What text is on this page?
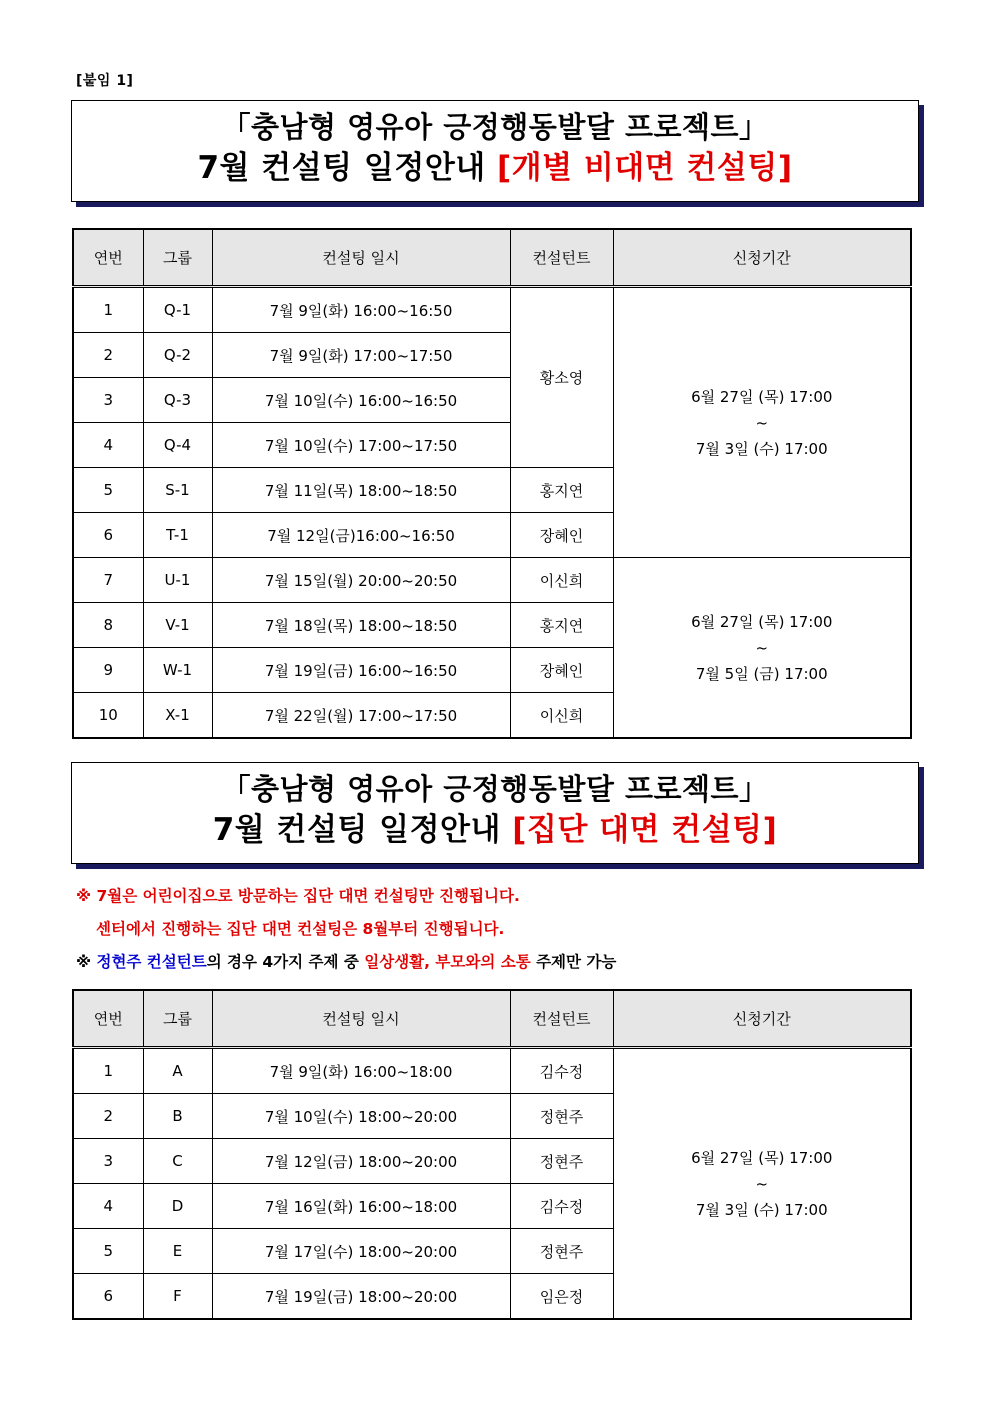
[붙임 1]
「충남형 영유아 긍정행동발달 프로젝트」
7월 컨설팅 일정안내 [개별 비대면 컨설팅]
연번	그룹	컨설팅 일시	컨설턴트	신청기간
1	Q-1	7월 9일(화) 16:00~16:50	황소영	6월 27일 (목) 17:00
~
7월 3일 (수) 17:00

2	Q-2	7월 9일(화) 17:00~17:50		
3	Q-3	7월 10일(수) 16:00~16:50		
4	Q-4	7월 10일(수) 17:00~17:50		
5	S-1	7월 11일(목) 18:00~18:50	홍지연	
6	T-1	7월 12일(금)16:00~16:50	장혜인	
7	U-1	7월 15일(월) 20:00~20:50	이신희	6월 27일 (목) 17:00
~
7월 5일 (금) 17:00

8	V-1	7월 18일(목) 18:00~18:50	홍지연	
9	W-1	7월 19일(금) 16:00~16:50	장혜인	
10	X-1	7월 22일(월) 17:00~17:50	이신희	
「충남형 영유아 긍정행동발달 프로젝트」
7월 컨설팅 일정안내 [집단 대면 컨설팅]
※ 7월은 어린이집으로 방문하는 집단 대면 컨설팅만 진행됩니다.
센터에서 진행하는 집단 대면 컨설팅은 8월부터 진행됩니다.
※ 정현주 컨설턴트의 경우 4가지 주제 중 일상생활, 부모와의 소통 주제만 가능
연번	그룹	컨설팅 일시	컨설턴트	신청기간
1	A	7월 9일(화) 16:00~18:00	김수정	6월 27일 (목) 17:00
~
7월 3일 (수) 17:00

2	B	7월 10일(수) 18:00~20:00	정현주	
3	C	7월 12일(금) 18:00~20:00	정현주	
4	D	7월 16일(화) 16:00~18:00	김수정	
5	E	7월 17일(수) 18:00~20:00	정현주	
6	F	7월 19일(금) 18:00~20:00	임은정	
